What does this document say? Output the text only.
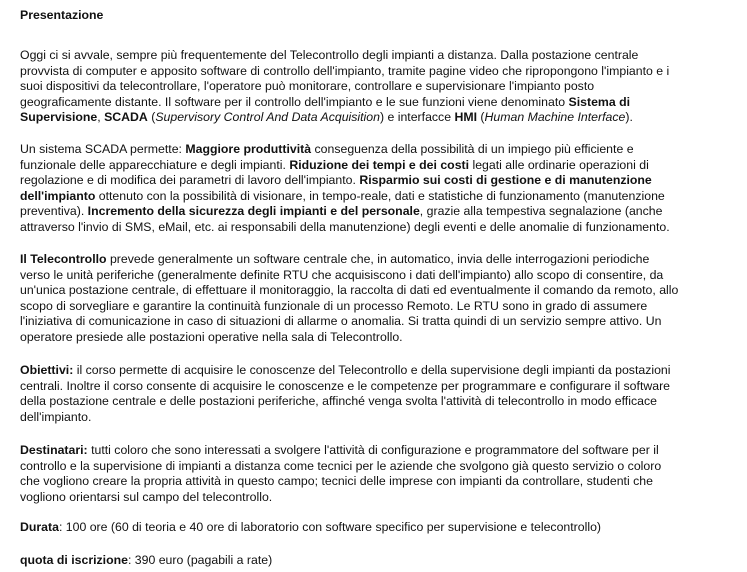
Presentazione

Oggi ci si avvale, sempre più frequentemente del Telecontrollo degli impianti a distanza. Dalla postazione centrale
provvista di computer e apposito software di controllo dell'impianto, tramite pagine video che ripropongono l'impianto e i
suoi dispositivi da telecontrollare, l'operatore può monitorare, controllare e supervisionare l'impianto posto
geograficamente distante. Il software per il controllo dell'impianto e le sue funzioni viene denominato Sistema di
Supervisione, SCADA (Supervisory Control And Data Acquisition) e interfacce HMI (Human Machine Interface).

Un sistema SCADA permette: Maggiore produttività conseguenza della possibilità di un impiego più efficiente e
funzionale delle apparecchiature e degli impianti. Riduzione dei tempi e dei costi legati alle ordinarie operazioni di
regolazione e di modifica dei parametri di lavoro dell'impianto. Risparmio sui costi di gestione e di manutenzione
dell'impianto ottenuto con la possibilità di visionare, in tempo-reale, dati e statistiche di funzionamento (manutenzione
preventiva). Incremento della sicurezza degli impianti e del personale, grazie alla tempestiva segnalazione (anche
attraverso l'invio di SMS, eMail, etc. ai responsabili della manutenzione) degli eventi e delle anomalie di funzionamento.

Il Telecontrollo prevede generalmente un software centrale che, in automatico, invia delle interrogazioni periodiche
verso le unità periferiche (generalmente definite RTU che acquisiscono i dati dell'impianto) allo scopo di consentire, da
un'unica postazione centrale, di effettuare il monitoraggio, la raccolta di dati ed eventualmente il comando da remoto, allo
scopo di sorvegliare e garantire la continuità funzionale di un processo Remoto. Le RTU sono in grado di assumere
l'iniziativa di comunicazione in caso di situazioni di allarme o anomalia. Si tratta quindi di un servizio sempre attivo. Un
operatore presiede alle postazioni operative nella sala di Telecontrollo.

Obiettivi: il corso permette di acquisire le conoscenze del Telecontrollo e della supervisione degli impianti da postazioni
centrali. Inoltre il corso consente di acquisire le conoscenze e le competenze per programmare e configurare il software
della postazione centrale e delle postazioni periferiche, affinché venga svolta l'attività di telecontrollo in modo efficace
dell'impianto.

Destinatari: tutti coloro che sono interessati a svolgere l'attività di configurazione e programmatore del software per il
controllo e la supervisione di impianti a distanza come tecnici per le aziende che svolgono già questo servizio o coloro
che vogliono creare la propria attività in questo campo; tecnici delle imprese con impianti da controllare, studenti che
vogliono orientarsi sul campo del telecontrollo.

Durata: 100 ore (60 di teoria e 40 ore di laboratorio con software specifico per supervisione e telecontrollo)

quota di iscrizione: 390 euro (pagabili a rate)
